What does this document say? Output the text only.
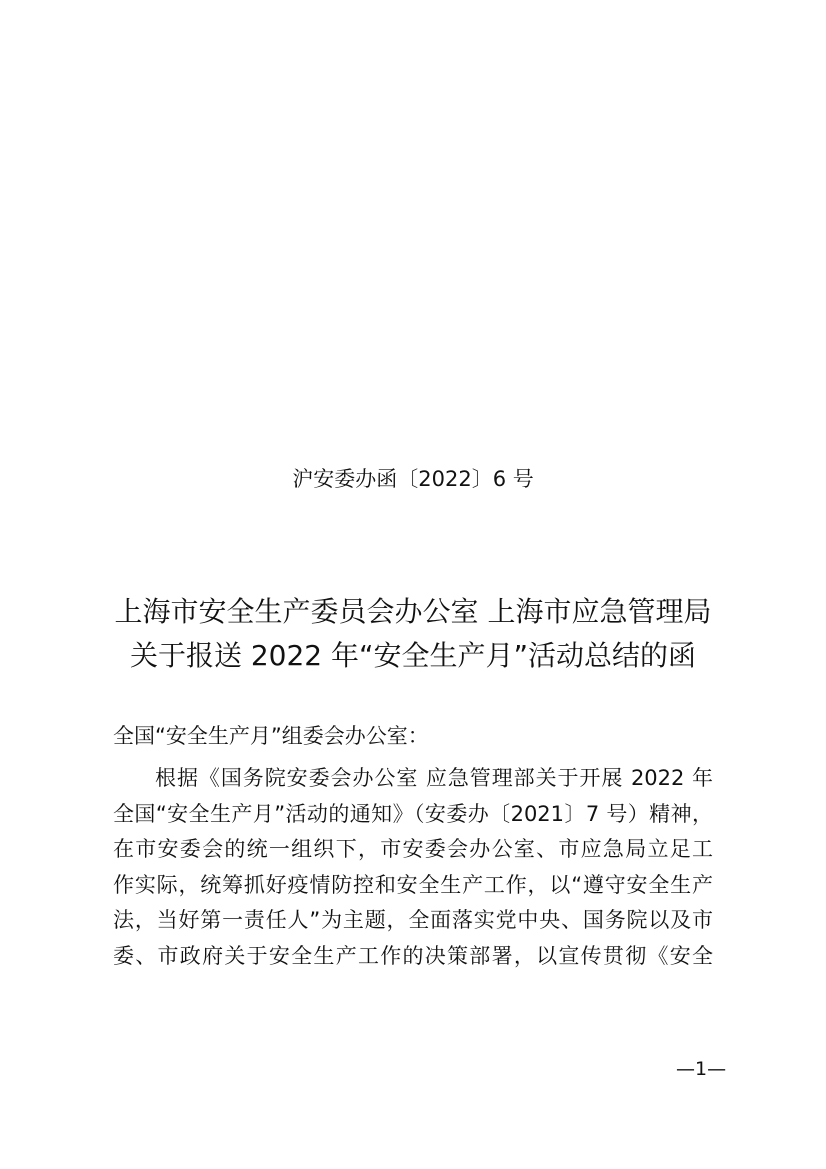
沪安委办函〔2022〕6 号
上海市安全生产委员会办公室 上海市应急管理局
关于报送 2022 年“安全生产月”活动总结的函
全国“安全生产月”组委会办公室：
根据《国务院安委会办公室 应急管理部关于开展 2022 年
全国“安全生产月”活动的通知》（安委办〔2021〕7 号）精神，
在市安委会的统一组织下，市安委会办公室、市应急局立足工
作实际，统筹抓好疫情防控和安全生产工作，以“遵守安全生产
法，当好第一责任人”为主题，全面落实党中央、国务院以及市
委、市政府关于安全生产工作的决策部署，以宣传贯彻《安全
—1—
